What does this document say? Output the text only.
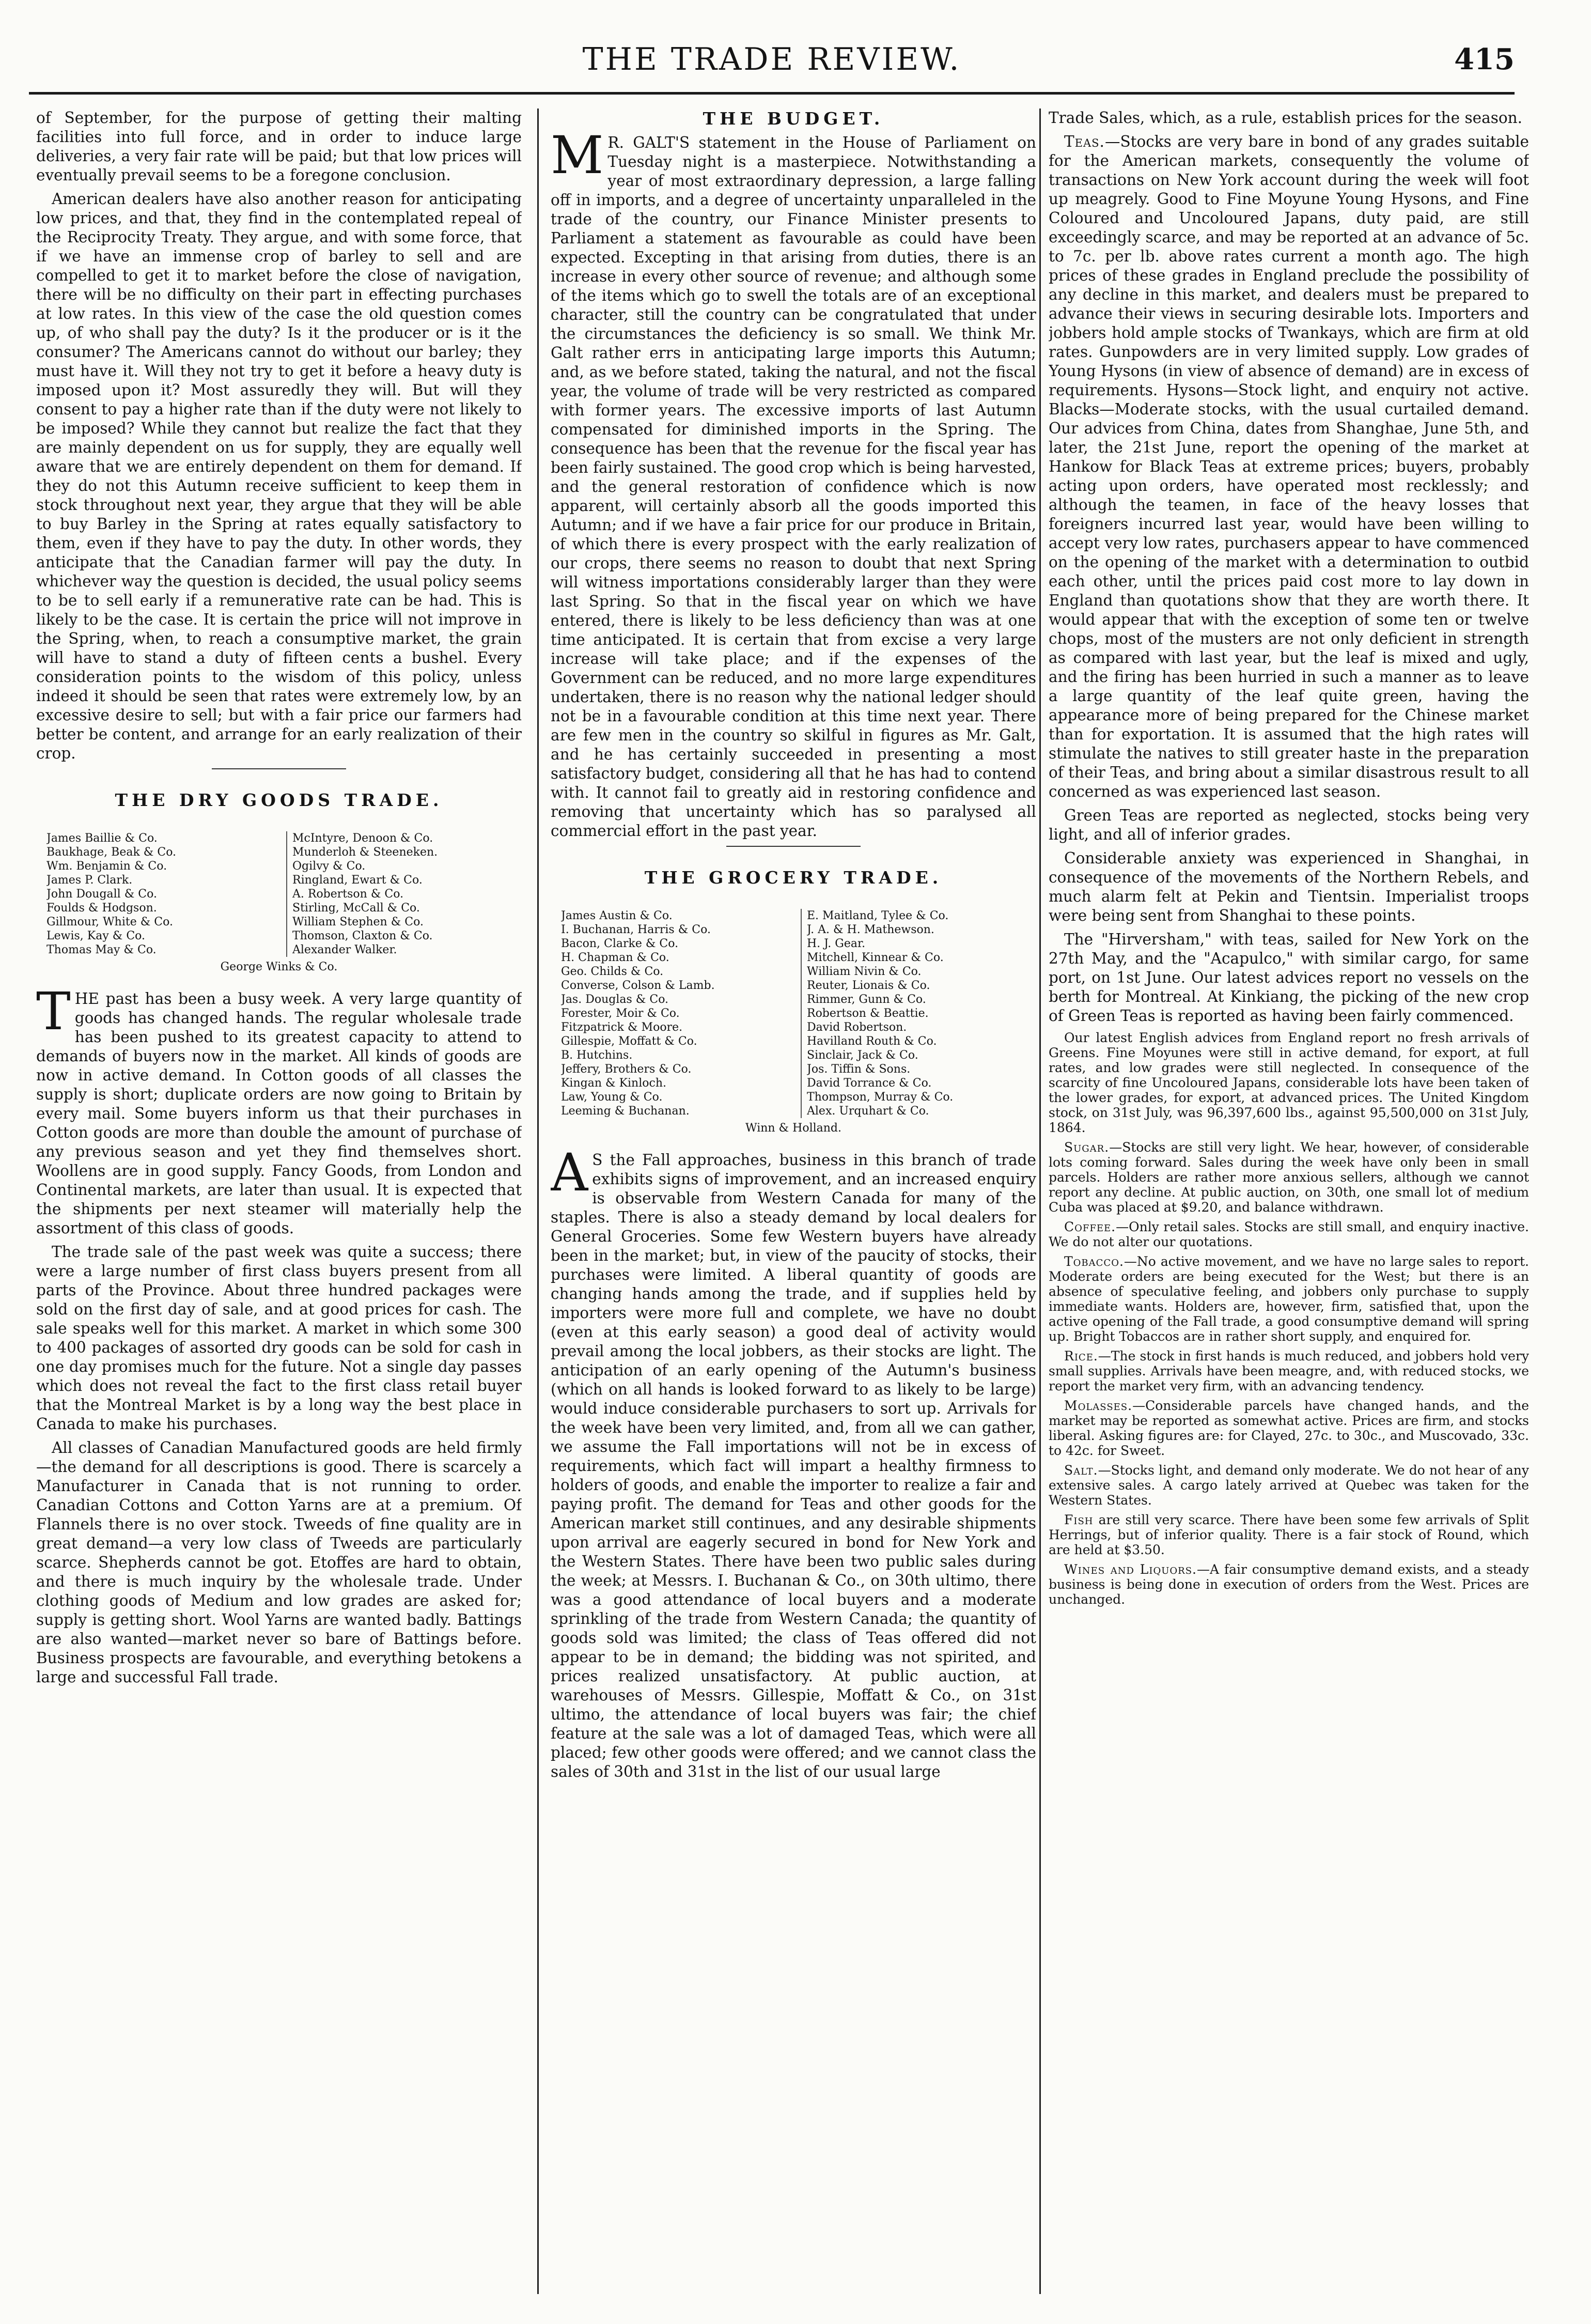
THE TRADE REVIEW.	415

of September, for the purpose of getting their malting facilities into full force, and in order to induce large deliveries, a very fair rate will be paid; but that low prices will eventually prevail seems to be a foregone conclusion.

American dealers have also another reason for anticipating low prices, and that, they find in the contemplated repeal of the Reciprocity Treaty. They argue, and with some force, that if we have an immense crop of barley to sell and are compelled to get it to market before the close of navigation, there will be no difficulty on their part in effecting purchases at low rates. In this view of the case the old question comes up, of who shall pay the duty? Is it the producer or is it the consumer? The Americans cannot do without our barley; they must have it. Will they not try to get it before a heavy duty is imposed upon it? Most assuredly they will. But will they consent to pay a higher rate than if the duty were not likely to be imposed? While they cannot but realize the fact that they are mainly dependent on us for supply, they are equally well aware that we are entirely dependent on them for demand. If they do not this Autumn receive sufficient to keep them in stock throughout next year, they argue that they will be able to buy Barley in the Spring at rates equally satisfactory to them, even if they have to pay the duty. In other words, they anticipate that the Canadian farmer will pay the duty. In whichever way the question is decided, the usual policy seems to be to sell early if a remunerative rate can be had. This is likely to be the case. It is certain the price will not improve in the Spring, when, to reach a consumptive market, the grain will have to stand a duty of fifteen cents a bushel. Every consideration points to the wisdom of this policy, unless indeed it should be seen that rates were extremely low, by an excessive desire to sell; but with a fair price our farmers had better be content, and arrange for an early realization of their crop.

THE DRY GOODS TRADE.
James Baillie & Co.
Baukhage, Beak & Co.
Wm. Benjamin & Co.
James P. Clark.
John Dougall & Co.
Foulds & Hodgson.
Gillmour, White & Co.
Lewis, Kay & Co.
Thomas May & Co.
McIntyre, Denoon & Co.
Munderloh & Steeneken.
Ogilvy & Co.
Ringland, Ewart & Co.
A. Robertson & Co.
Stirling, McCall & Co.
William Stephen & Co.
Thomson, Claxton & Co.
Alexander Walker.
George Winks & Co.

THE past has been a busy week. A very large quantity of goods has changed hands. The regular wholesale trade has been pushed to its greatest capacity to attend to demands of buyers now in the market. All kinds of goods are now in active demand. In Cotton goods of all classes the supply is short; duplicate orders are now going to Britain by every mail. Some buyers inform us that their purchases in Cotton goods are more than double the amount of purchase of any previous season and yet they find themselves short. Woollens are in good supply. Fancy Goods, from London and Continental markets, are later than usual. It is expected that the shipments per next steamer will materially help the assortment of this class of goods.

The trade sale of the past week was quite a success; there were a large number of first class buyers present from all parts of the Province. About three hundred packages were sold on the first day of sale, and at good prices for cash. The sale speaks well for this market. A market in which some 300 to 400 packages of assorted dry goods can be sold for cash in one day promises much for the future. Not a single day passes which does not reveal the fact to the first class retail buyer that the Montreal Market is by a long way the best place in Canada to make his purchases.

All classes of Canadian Manufactured goods are held firmly—the demand for all descriptions is good. There is scarcely a Manufacturer in Canada that is not running to order. Canadian Cottons and Cotton Yarns are at a premium. Of Flannels there is no over stock. Tweeds of fine quality are in great demand—a very low class of Tweeds are particularly scarce. Shepherds cannot be got. Etoffes are hard to obtain, and there is much inquiry by the wholesale trade. Under clothing goods of Medium and low grades are asked for; supply is getting short. Wool Yarns are wanted badly. Battings are also wanted—market never so bare of Battings before. Business prospects are favourable, and everything betokens a large and successful Fall trade.

THE BUDGET.

M R. GALT'S statement in the House of Parliament on Tuesday night is a masterpiece. Notwithstanding a year of most extraordinary depression, a large falling off in imports, and a degree of uncertainty unparalleled in the trade of the country, our Finance Minister presents to Parliament a statement as favourable as could have been expected. Excepting in that arising from duties, there is an increase in every other source of revenue; and although some of the items which go to swell the totals are of an exceptional character, still the country can be congratulated that under the circumstances the deficiency is so small. We think Mr. Galt rather errs in anticipating large imports this Autumn; and, as we before stated, taking the natural, and not the fiscal year, the volume of trade will be very restricted as compared with former years. The excessive imports of last Autumn compensated for diminished imports in the Spring. The consequence has been that the revenue for the fiscal year has been fairly sustained. The good crop which is being harvested, and the general restoration of confidence which is now apparent, will certainly absorb all the goods imported this Autumn; and if we have a fair price for our produce in Britain, of which there is every prospect with the early realization of our crops, there seems no reason to doubt that next Spring will witness importations considerably larger than they were last Spring. So that in the fiscal year on which we have entered, there is likely to be less deficiency than was at one time anticipated. It is certain that from excise a very large increase will take place; and if the expenses of the Government can be reduced, and no more large expenditures undertaken, there is no reason why the national ledger should not be in a favourable condition at this time next year. There are few men in the country so skilful in figures as Mr. Galt, and he has certainly succeeded in presenting a most satisfactory budget, considering all that he has had to contend with. It cannot fail to greatly aid in restoring confidence and removing that uncertainty which has so paralysed all commercial effort in the past year.

THE GROCERY TRADE.
James Austin & Co.
I. Buchanan, Harris & Co.
Bacon, Clarke & Co.
H. Chapman & Co.
Geo. Childs & Co.
Converse, Colson & Lamb.
Jas. Douglas & Co.
Forester, Moir & Co.
Fitzpatrick & Moore.
Gillespie, Moffatt & Co.
B. Hutchins.
Jeffery, Brothers & Co.
Kingan & Kinloch.
Law, Young & Co.
Leeming & Buchanan.
E. Maitland, Tylee & Co.
J. A. & H. Mathewson.
H. J. Gear.
Mitchell, Kinnear & Co.
William Nivin & Co.
Reuter, Lionais & Co.
Rimmer, Gunn & Co.
Robertson & Beattie.
David Robertson.
Havilland Routh & Co.
Sinclair, Jack & Co.
Jos. Tiffin & Sons.
David Torrance & Co.
Thompson, Murray & Co.
Alex. Urquhart & Co.
Winn & Holland.

A S the Fall approaches, business in this branch of trade exhibits signs of improvement, and an increased enquiry is observable from Western Canada for many of the staples. There is also a steady demand by local dealers for General Groceries. Some few Western buyers have already been in the market; but, in view of the paucity of stocks, their purchases were limited. A liberal quantity of goods are changing hands among the trade, and if supplies held by importers were more full and complete, we have no doubt (even at this early season) a good deal of activity would prevail among the local jobbers, as their stocks are light. The anticipation of an early opening of the Autumn's business (which on all hands is looked forward to as likely to be large) would induce considerable purchasers to sort up. Arrivals for the week have been very limited, and, from all we can gather, we assume the Fall importations will not be in excess of requirements, which fact will impart a healthy firmness to holders of goods, and enable the importer to realize a fair and paying profit. The demand for Teas and other goods for the American market still continues, and any desirable shipments upon arrival are eagerly secured in bond for New York and the Western States. There have been two public sales during the week; at Messrs. I. Buchanan & Co., on 30th ultimo, there was a good attendance of local buyers and a moderate sprinkling of the trade from Western Canada; the quantity of goods sold was limited; the class of Teas offered did not appear to be in demand; the bidding was not spirited, and prices realized unsatisfactory. At public auction, at warehouses of Messrs. Gillespie, Moffatt & Co., on 31st ultimo, the attendance of local buyers was fair; the chief feature at the sale was a lot of damaged Teas, which were all placed; few other goods were offered; and we cannot class the sales of 30th and 31st in the list of our usual large

Trade Sales, which, as a rule, establish prices for the season.

Teas.—Stocks are very bare in bond of any grades suitable for the American markets, consequently the volume of transactions on New York account during the week will foot up meagrely. Good to Fine Moyune Young Hysons, and Fine Coloured and Uncoloured Japans, duty paid, are still exceedingly scarce, and may be reported at an advance of 5c. to 7c. per lb. above rates current a month ago. The high prices of these grades in England preclude the possibility of any decline in this market, and dealers must be prepared to advance their views in securing desirable lots. Importers and jobbers hold ample stocks of Twankays, which are firm at old rates. Gunpowders are in very limited supply. Low grades of Young Hysons (in view of absence of demand) are in excess of requirements. Hysons—Stock light, and enquiry not active. Blacks—Moderate stocks, with the usual curtailed demand. Our advices from China, dates from Shanghae, June 5th, and later, the 21st June, report the opening of the market at Hankow for Black Teas at extreme prices; buyers, probably acting upon orders, have operated most recklessly; and although the teamen, in face of the heavy losses that foreigners incurred last year, would have been willing to accept very low rates, purchasers appear to have commenced on the opening of the market with a determination to outbid each other, until the prices paid cost more to lay down in England than quotations show that they are worth there. It would appear that with the exception of some ten or twelve chops, most of the musters are not only deficient in strength as compared with last year, but the leaf is mixed and ugly, and the firing has been hurried in such a manner as to leave a large quantity of the leaf quite green, having the appearance more of being prepared for the Chinese market than for exportation. It is assumed that the high rates will stimulate the natives to still greater haste in the preparation of their Teas, and bring about a similar disastrous result to all concerned as was experienced last season.

Green Teas are reported as neglected, stocks being very light, and all of inferior grades.

Considerable anxiety was experienced in Shanghai, in consequence of the movements of the Northern Rebels, and much alarm felt at Pekin and Tientsin. Imperialist troops were being sent from Shanghai to these points.

The "Hirversham," with teas, sailed for New York on the 27th May, and the "Acapulco," with similar cargo, for same port, on 1st June. Our latest advices report no vessels on the berth for Montreal. At Kinkiang, the picking of the new crop of Green Teas is reported as having been fairly commenced.

Our latest English advices from England report no fresh arrivals of Greens. Fine Moyunes were still in active demand, for export, at full rates, and low grades were still neglected. In consequence of the scarcity of fine Uncoloured Japans, considerable lots have been taken of the lower grades, for export, at advanced prices. The United Kingdom stock, on 31st July, was 96,397,600 lbs., against 95,500,000 on 31st July, 1864.

Sugar.—Stocks are still very light. We hear, however, of considerable lots coming forward. Sales during the week have only been in small parcels. Holders are rather more anxious sellers, although we cannot report any decline. At public auction, on 30th, one small lot of medium Cuba was placed at $9.20, and balance withdrawn.

Coffee.—Only retail sales. Stocks are still small, and enquiry inactive. We do not alter our quotations.

Tobacco.—No active movement, and we have no large sales to report. Moderate orders are being executed for the West; but there is an absence of speculative feeling, and jobbers only purchase to supply immediate wants. Holders are, however, firm, satisfied that, upon the active opening of the Fall trade, a good consumptive demand will spring up. Bright Tobaccos are in rather short supply, and enquired for.

Rice.—The stock in first hands is much reduced, and jobbers hold very small supplies. Arrivals have been meagre, and, with reduced stocks, we report the market very firm, with an advancing tendency.

Molasses.—Considerable parcels have changed hands, and the market may be reported as somewhat active. Prices are firm, and stocks liberal. Asking figures are: for Clayed, 27c. to 30c., and Muscovado, 33c. to 42c. for Sweet.

Salt.—Stocks light, and demand only moderate. We do not hear of any extensive sales. A cargo lately arrived at Quebec was taken for the Western States.

Fish are still very scarce. There have been some few arrivals of Split Herrings, but of inferior quality. There is a fair stock of Round, which are held at $3.50.

Wines and Liquors.—A fair consumptive demand exists, and a steady business is being done in execution of orders from the West. Prices are unchanged.
